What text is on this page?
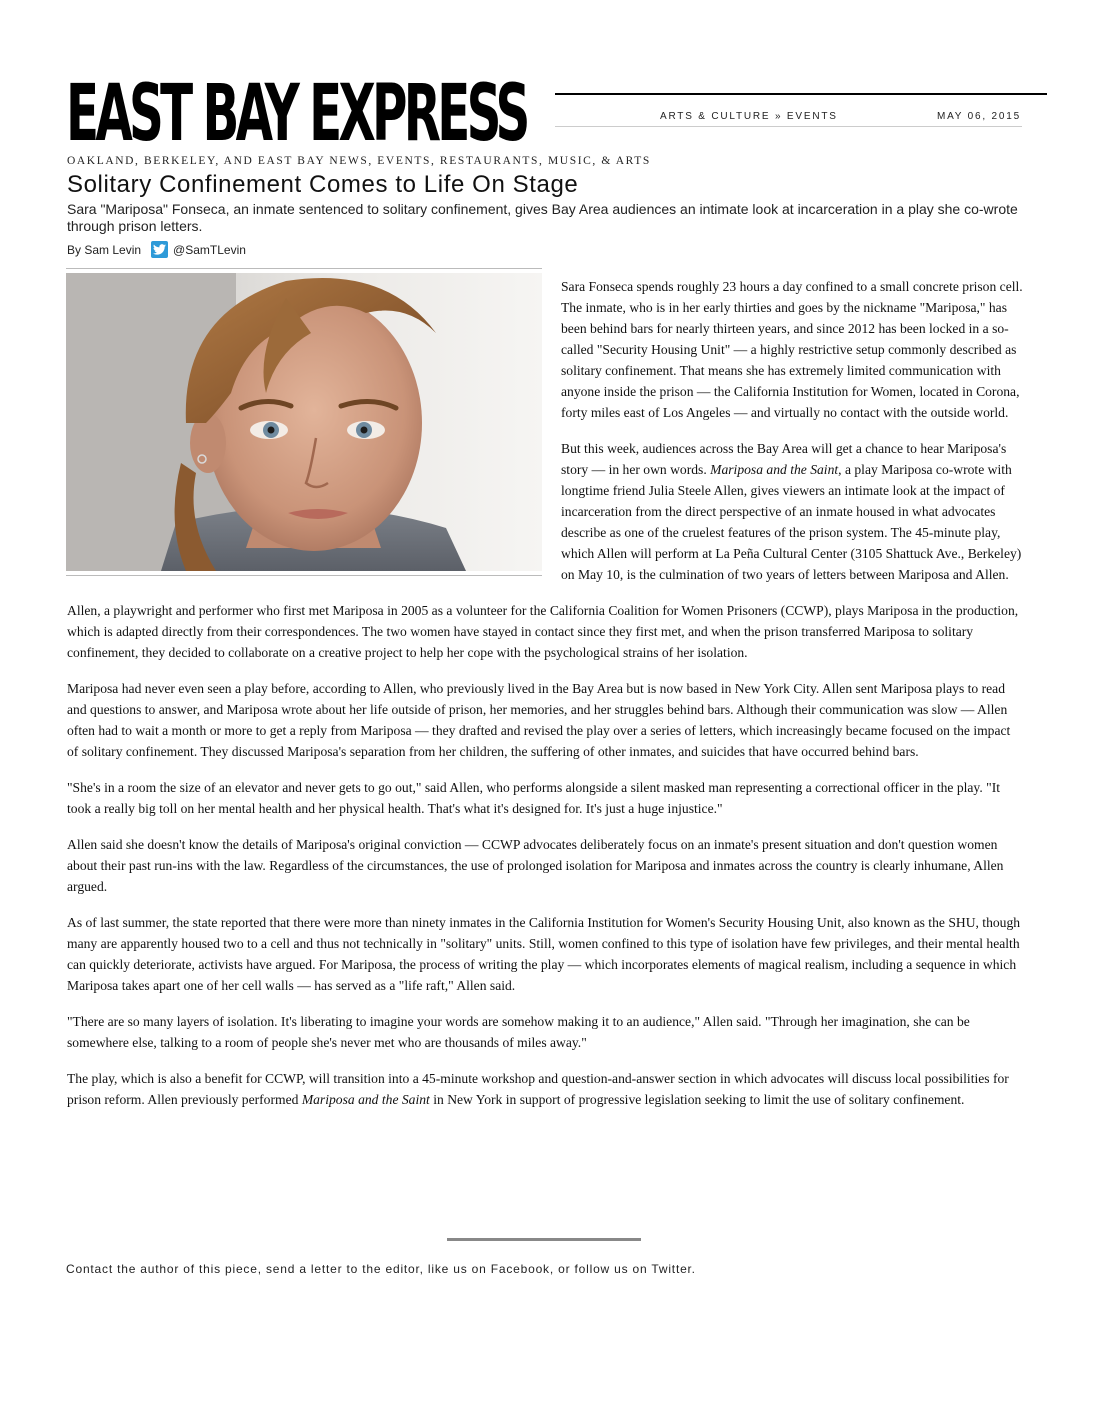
EAST BAY EXPRESS	ARTS & CULTURE » EVENTS	MAY 06, 2015
OAKLAND, BERKELEY, AND EAST BAY NEWS, EVENTS, RESTAURANTS, MUSIC, & ARTS
Solitary Confinement Comes to Life On Stage
Sara "Mariposa" Fonseca, an inmate sentenced to solitary confinement, gives Bay Area audiences an intimate look at incarceration in a play she co-wrote through prison letters.
By Sam Levin	@SamTLevin

Sara Fonseca spends roughly 23 hours a day confined to a small concrete prison cell. The inmate, who is in her early thirties and goes by the nickname "Mariposa," has been behind bars for nearly thirteen years, and since 2012 has been locked in a so-called "Security Housing Unit" — a highly restrictive setup commonly described as solitary confinement. That means she has extremely limited communication with anyone inside the prison — the California Institution for Women, located in Corona, forty miles east of Los Angeles — and virtually no contact with the outside world.

But this week, audiences across the Bay Area will get a chance to hear Mariposa's story — in her own words. Mariposa and the Saint, a play Mariposa co-wrote with longtime friend Julia Steele Allen, gives viewers an intimate look at the impact of incarceration from the direct perspective of an inmate housed in what advocates describe as one of the cruelest features of the prison system. The 45-minute play, which Allen will perform at La Peña Cultural Center (3105 Shattuck Ave., Berkeley) on May 10, is the culmination of two years of letters between Mariposa and Allen.

Allen, a playwright and performer who first met Mariposa in 2005 as a volunteer for the California Coalition for Women Prisoners (CCWP), plays Mariposa in the production, which is adapted directly from their correspondences. The two women have stayed in contact since they first met, and when the prison transferred Mariposa to solitary confinement, they decided to collaborate on a creative project to help her cope with the psychological strains of her isolation.

Mariposa had never even seen a play before, according to Allen, who previously lived in the Bay Area but is now based in New York City. Allen sent Mariposa plays to read and questions to answer, and Mariposa wrote about her life outside of prison, her memories, and her struggles behind bars. Although their communication was slow — Allen often had to wait a month or more to get a reply from Mariposa — they drafted and revised the play over a series of letters, which increasingly became focused on the impact of solitary confinement. They discussed Mariposa's separation from her children, the suffering of other inmates, and suicides that have occurred behind bars.

"She's in a room the size of an elevator and never gets to go out," said Allen, who performs alongside a silent masked man representing a correctional officer in the play. "It took a really big toll on her mental health and her physical health. That's what it's designed for. It's just a huge injustice."

Allen said she doesn't know the details of Mariposa's original conviction — CCWP advocates deliberately focus on an inmate's present situation and don't question women about their past run-ins with the law. Regardless of the circumstances, the use of prolonged isolation for Mariposa and inmates across the country is clearly inhumane, Allen argued.

As of last summer, the state reported that there were more than ninety inmates in the California Institution for Women's Security Housing Unit, also known as the SHU, though many are apparently housed two to a cell and thus not technically in "solitary" units. Still, women confined to this type of isolation have few privileges, and their mental health can quickly deteriorate, activists have argued. For Mariposa, the process of writing the play — which incorporates elements of magical realism, including a sequence in which Mariposa takes apart one of her cell walls — has served as a "life raft," Allen said.

"There are so many layers of isolation. It's liberating to imagine your words are somehow making it to an audience," Allen said. "Through her imagination, she can be somewhere else, talking to a room of people she's never met who are thousands of miles away."

The play, which is also a benefit for CCWP, will transition into a 45-minute workshop and question-and-answer section in which advocates will discuss local possibilities for prison reform. Allen previously performed Mariposa and the Saint in New York in support of progressive legislation seeking to limit the use of solitary confinement.

Contact the author of this piece, send a letter to the editor, like us on Facebook, or follow us on Twitter.
